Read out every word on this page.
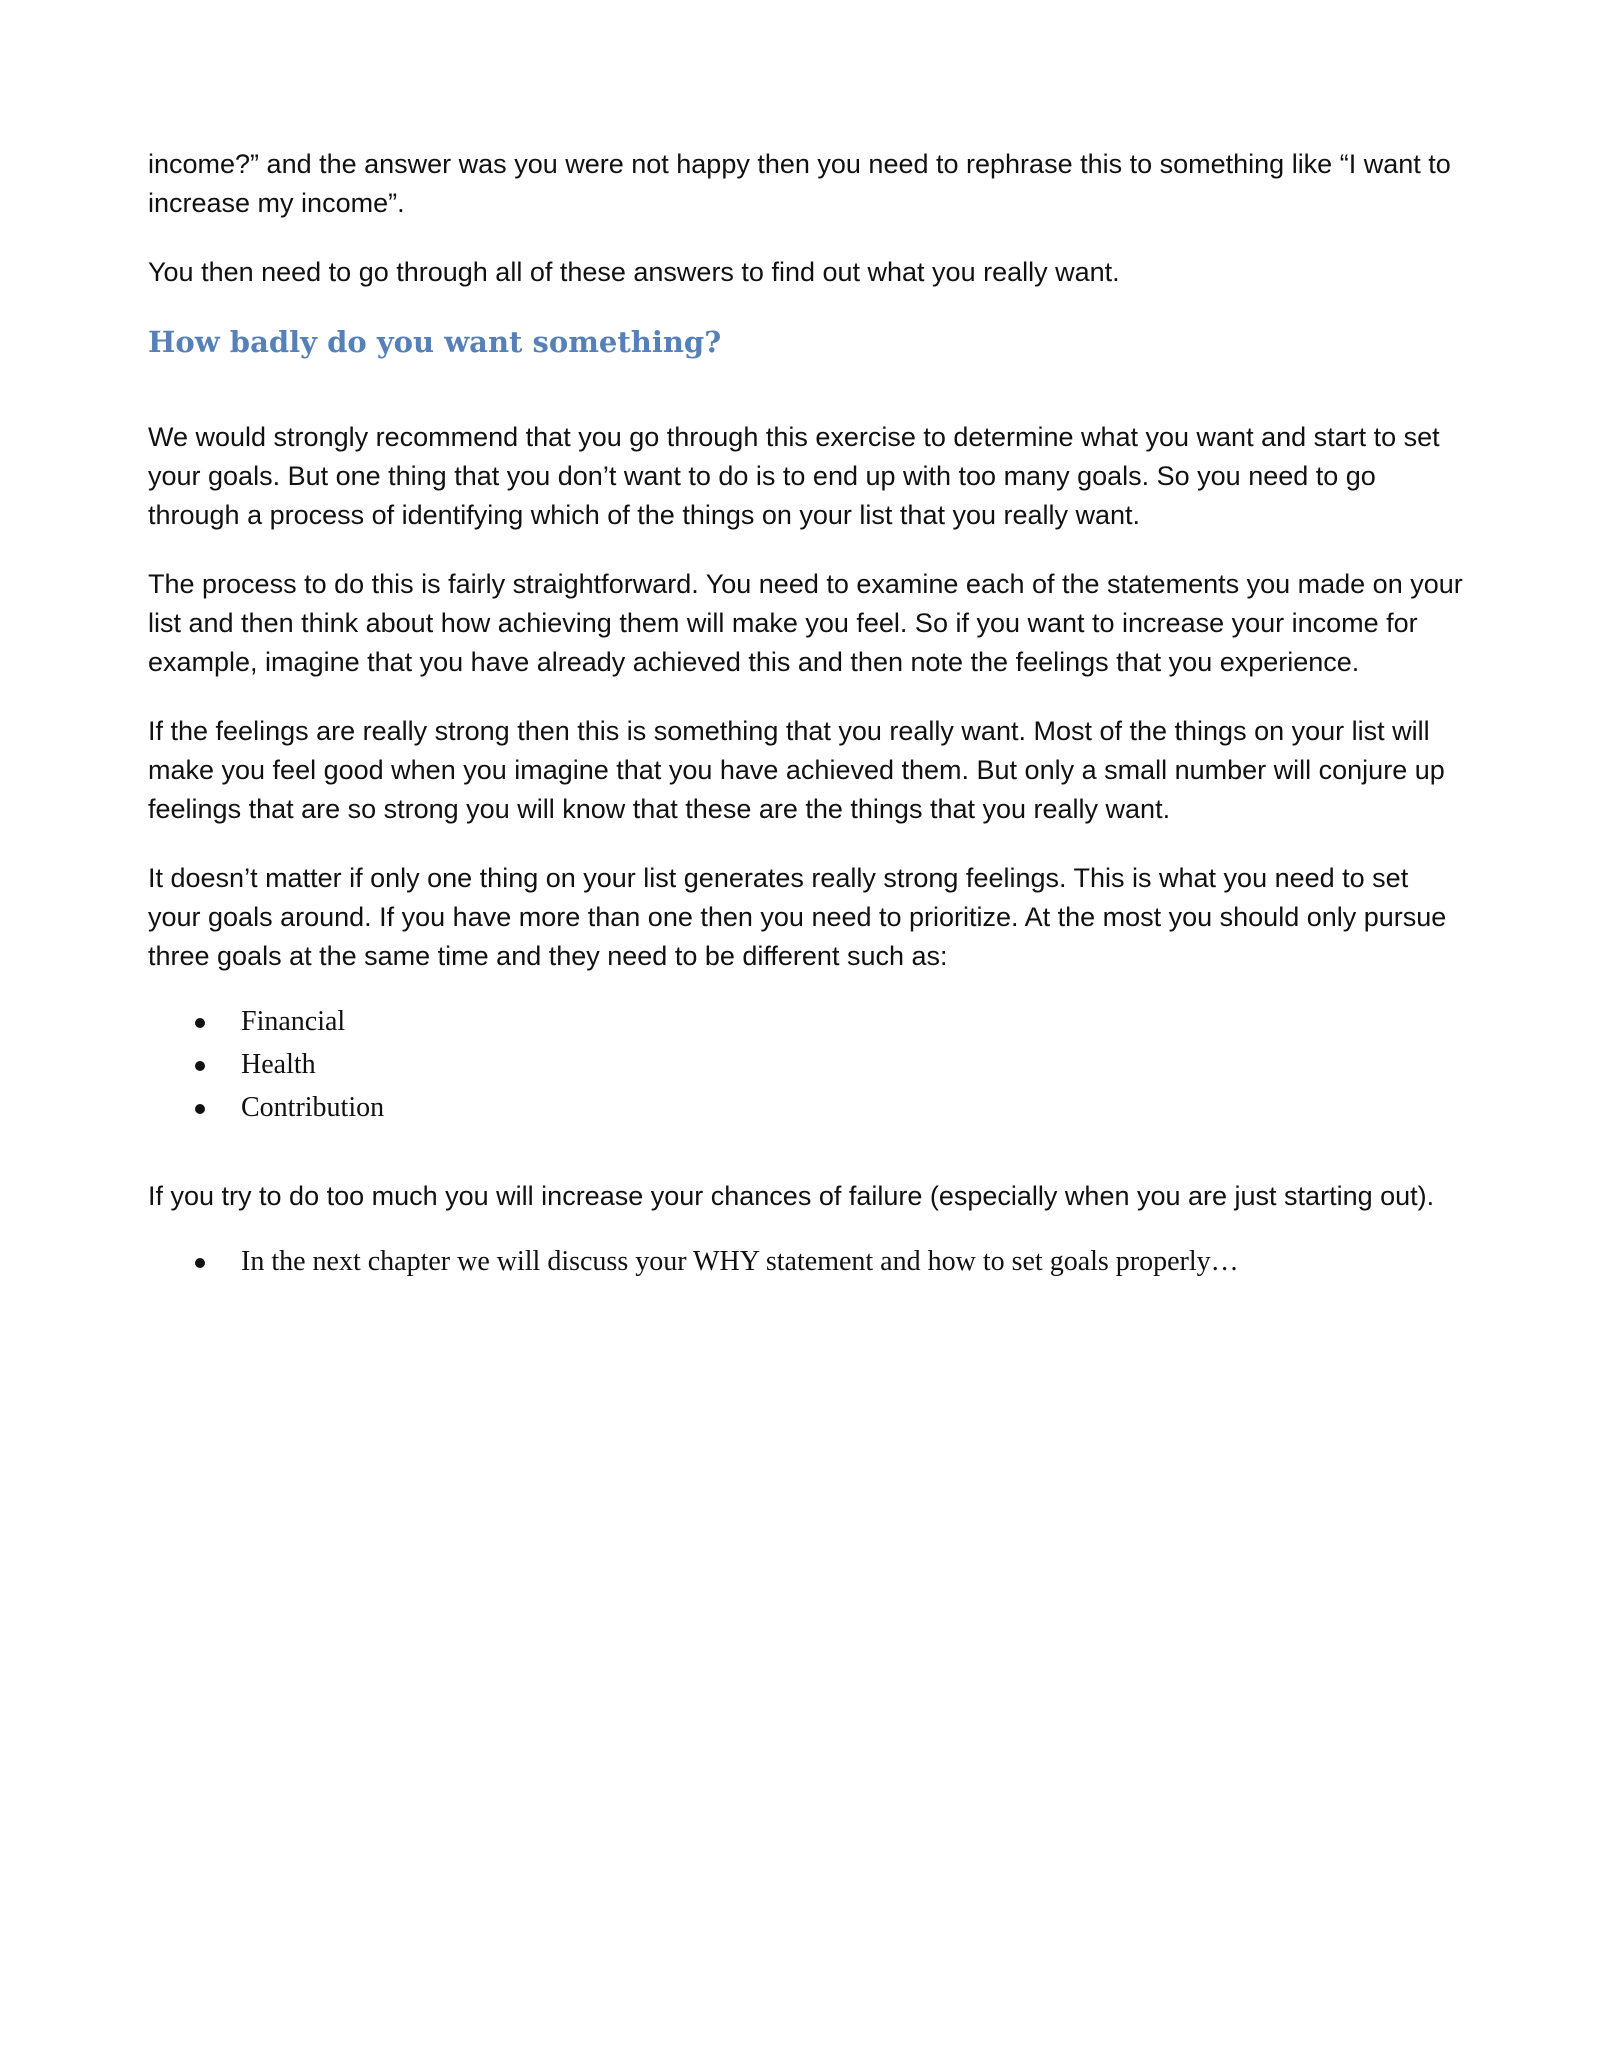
income?” and the answer was you were not happy then you need to rephrase this to something like “I want to increase my income”.

You then need to go through all of these answers to find out what you really want.

How badly do you want something?

We would strongly recommend that you go through this exercise to determine what you want and start to set your goals. But one thing that you don’t want to do is to end up with too many goals. So you need to go through a process of identifying which of the things on your list that you really want.

The process to do this is fairly straightforward. You need to examine each of the statements you made on your list and then think about how achieving them will make you feel. So if you want to increase your income for example, imagine that you have already achieved this and then note the feelings that you experience.

If the feelings are really strong then this is something that you really want. Most of the things on your list will make you feel good when you imagine that you have achieved them. But only a small number will conjure up feelings that are so strong you will know that these are the things that you really want.

It doesn’t matter if only one thing on your list generates really strong feelings. This is what you need to set your goals around. If you have more than one then you need to prioritize. At the most you should only pursue three goals at the same time and they need to be different such as:

Financial
Health
Contribution

If you try to do too much you will increase your chances of failure (especially when you are just starting out).

In the next chapter we will discuss your WHY statement and how to set goals properly…
